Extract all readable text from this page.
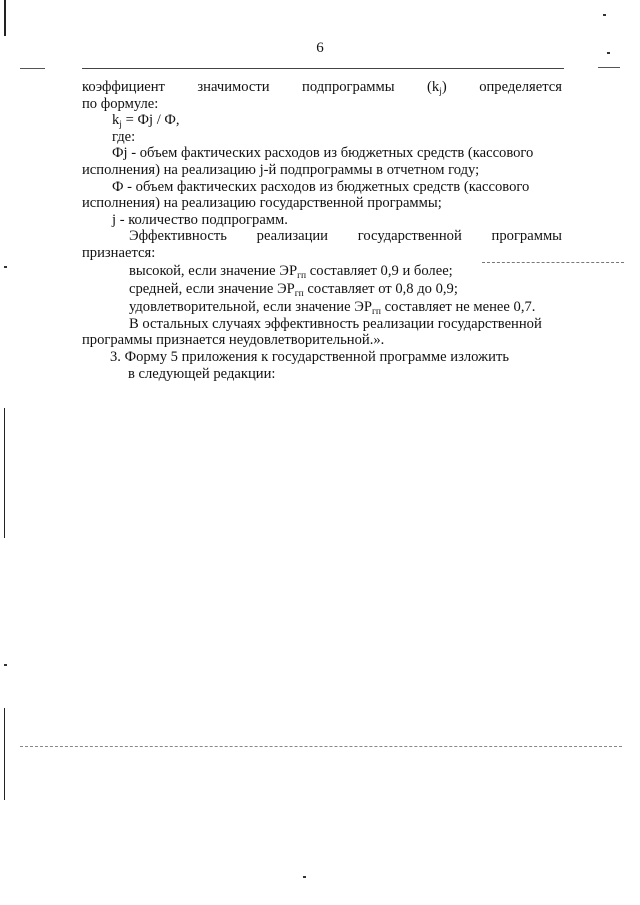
6
коэффициент значимости подпрограммы $(k_j)$ определяется
по формуле:
$k_j$ = Фj / Ф,
где:
Фj - объем фактических расходов из бюджетных средств (кассового
исполнения) на реализацию j-й подпрограммы в отчетном году;
Ф - объем фактических расходов из бюджетных средств (кассового
исполнения) на реализацию государственной программы;
j - количество подпрограмм.
Эффективность реализации государственной программы
признается:
высокой, если значение $ЭР_{гп}$ составляет 0,9 и более;
средней, если значение $ЭР_{гп}$ составляет от 0,8 до 0,9;
удовлетворительной, если значение $ЭР_{гп}$ составляет не менее 0,7.
В остальных случаях эффективность реализации государственной
программы признается неудовлетворительной.».
3. Форму 5 приложения к государственной программе изложить
в следующей редакции:
